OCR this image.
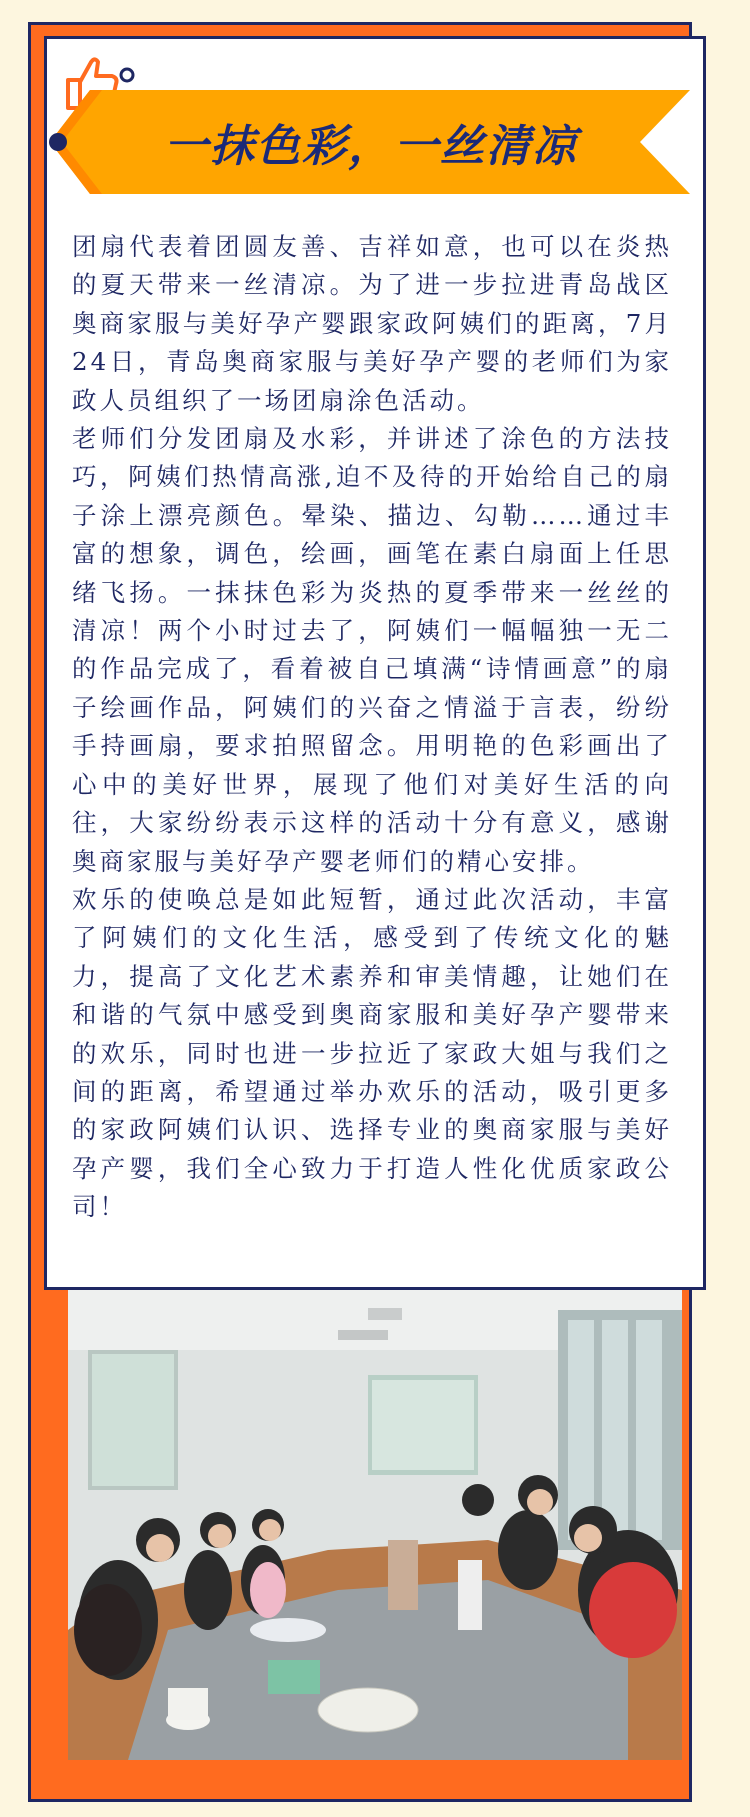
一抹色彩，一丝清凉

团扇代表着团圆友善、吉祥如意，也可以在炎热的夏天带来一丝清凉。为了进一步拉进青岛战区奥商家服与美好孕产婴跟家政阿姨们的距离，7月24日，青岛奥商家服与美好孕产婴的老师们为家政人员组织了一场团扇涂色活动。

老师们分发团扇及水彩，并讲述了涂色的方法技巧，阿姨们热情高涨,迫不及待的开始给自己的扇子涂上漂亮颜色。晕染、描边、勾勒……通过丰富的想象，调色，绘画，画笔在素白扇面上任思绪飞扬。一抹抹色彩为炎热的夏季带来一丝丝的清凉！两个小时过去了，阿姨们一幅幅独一无二的作品完成了，看着被自己填满“诗情画意”的扇子绘画作品，阿姨们的兴奋之情溢于言表，纷纷手持画扇，要求拍照留念。用明艳的色彩画出了心中的美好世界，展现了他们对美好生活的向往，大家纷纷表示这样的活动十分有意义，感谢奥商家服与美好孕产婴老师们的精心安排。

欢乐的使唤总是如此短暂，通过此次活动，丰富了阿姨们的文化生活，感受到了传统文化的魅力，提高了文化艺术素养和审美情趣，让她们在和谐的气氛中感受到奥商家服和美好孕产婴带来的欢乐，同时也进一步拉近了家政大姐与我们之间的距离，希望通过举办欢乐的活动，吸引更多的家政阿姨们认识、选择专业的奥商家服与美好孕产婴，我们全心致力于打造人性化优质家政公司！
